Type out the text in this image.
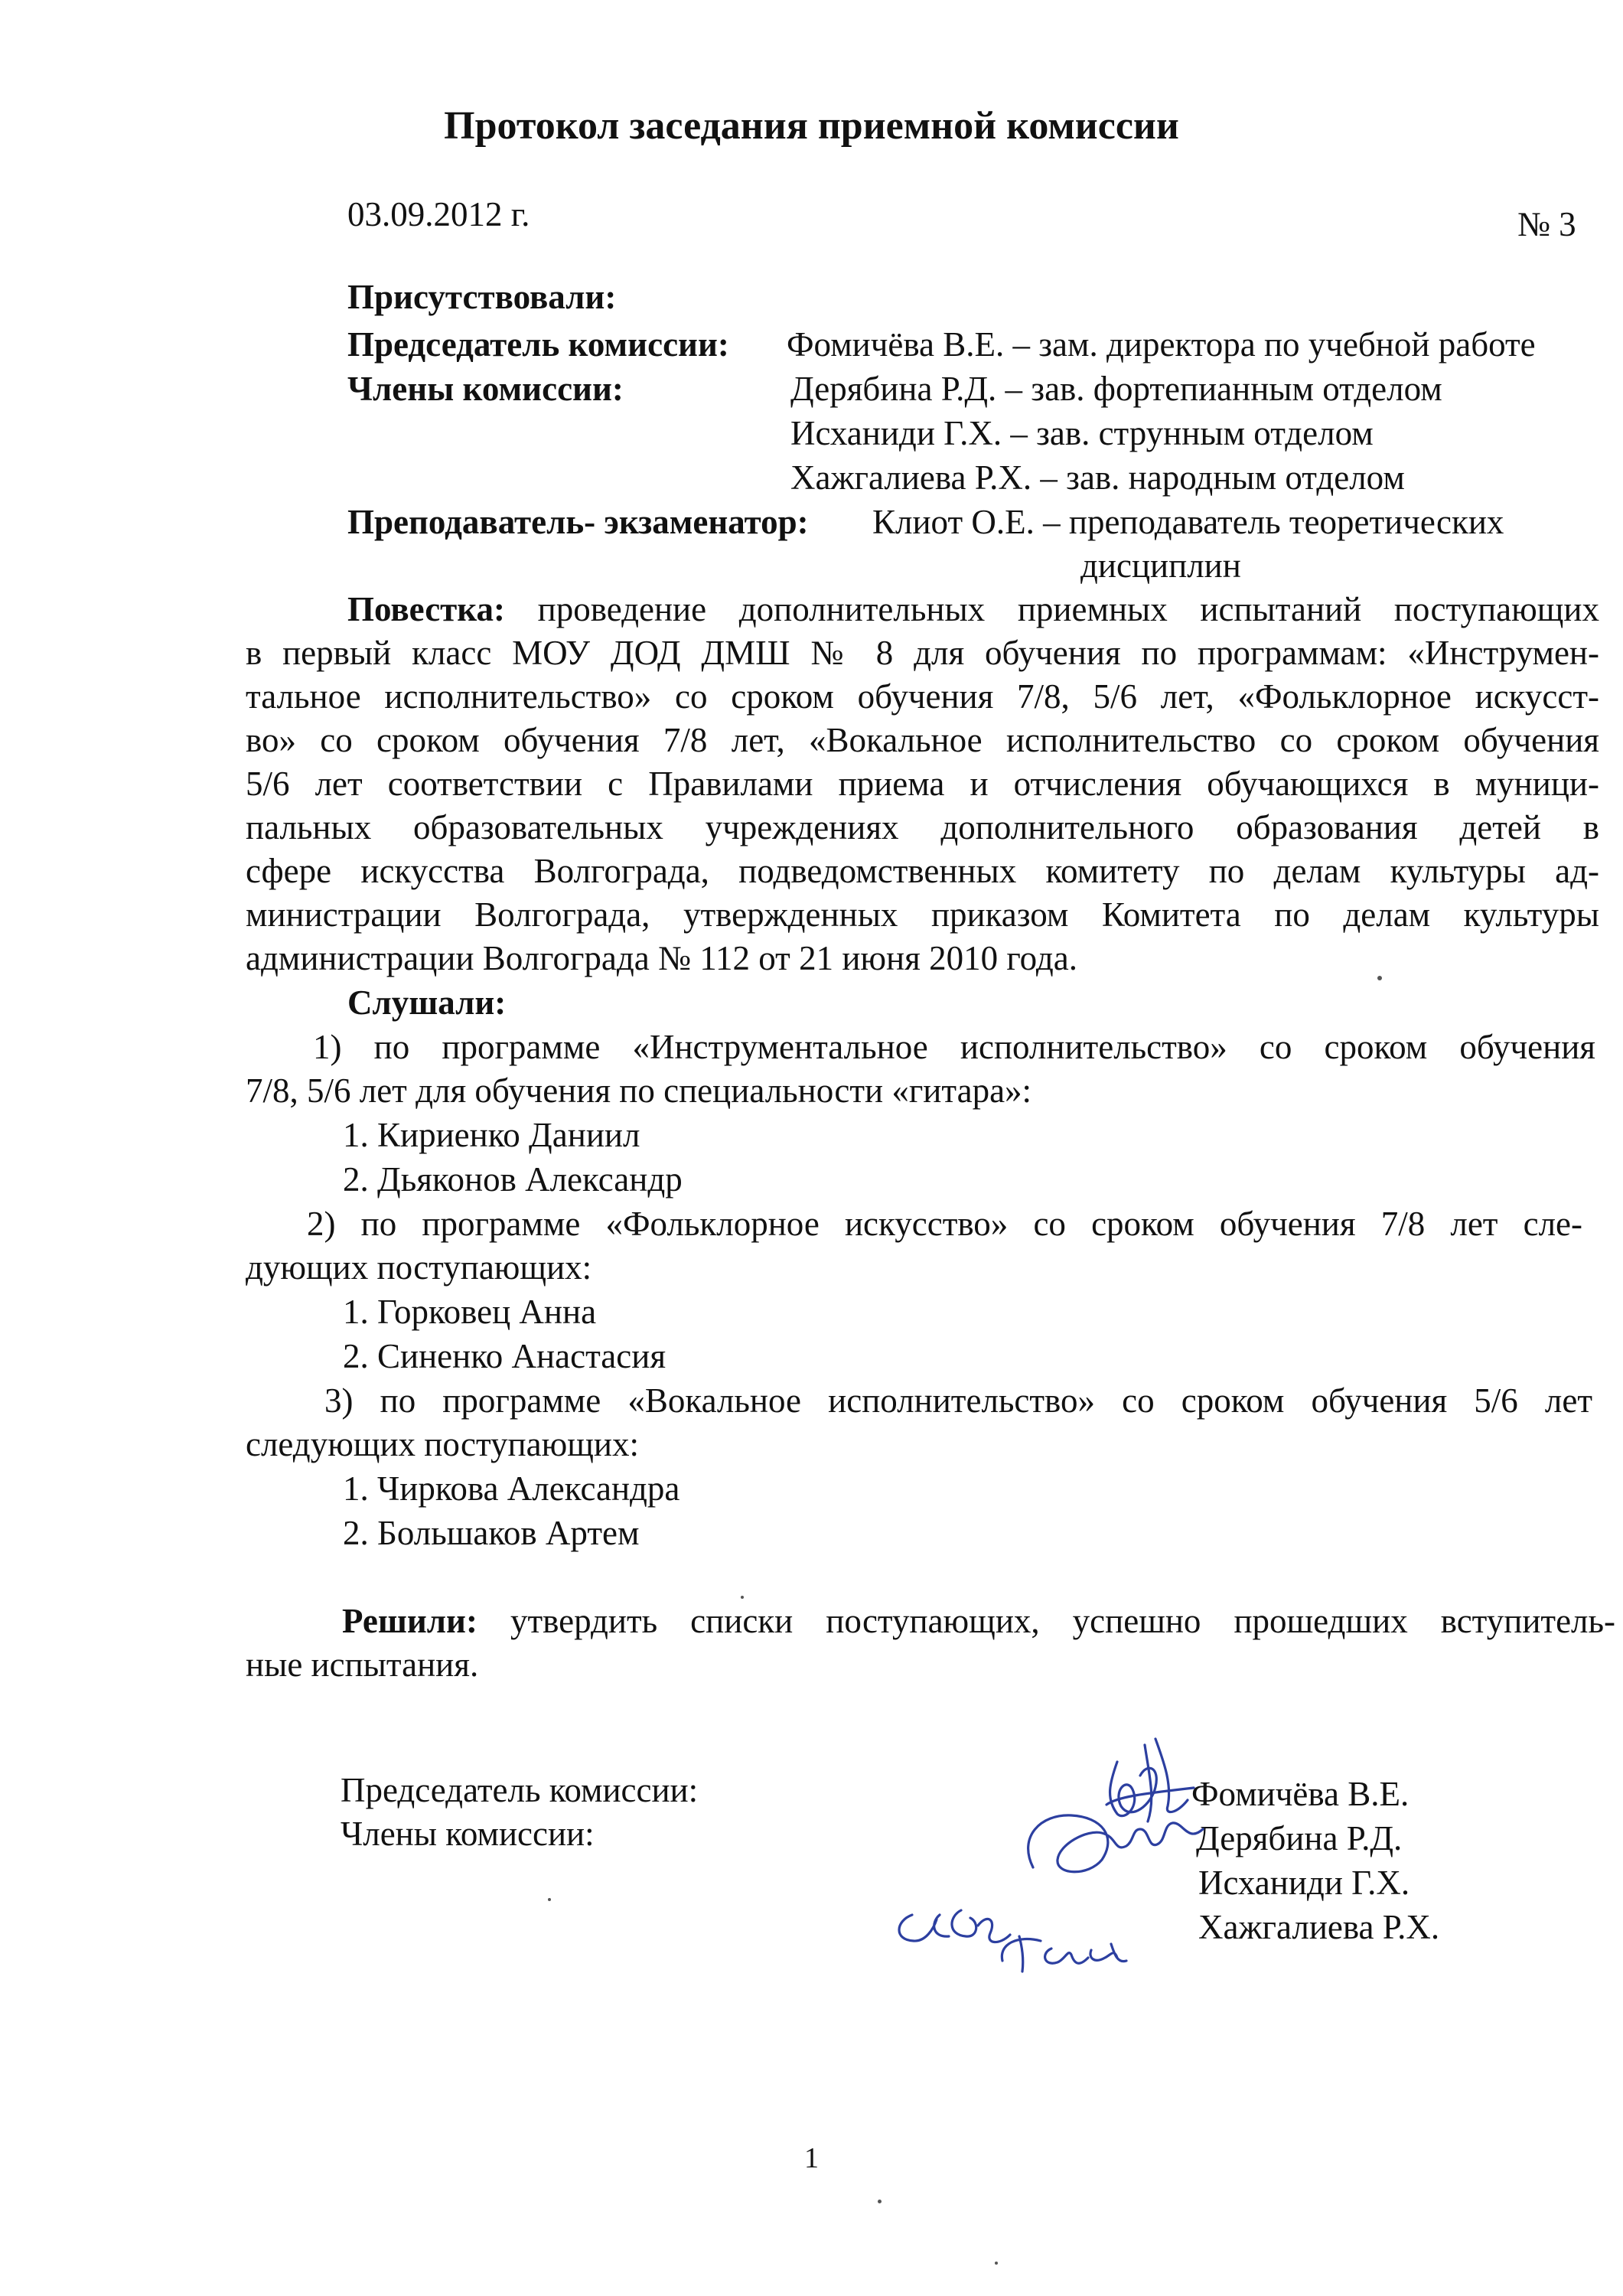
Протокол заседания приемной комиссии
03.09.2012 г.	№ 3
Присутствовали:
Председатель комиссии: Фомичёва В.Е. – зам. директора по учебной работе
Члены комиссии:	Дерябина Р.Д. – зав. фортепианным отделом
Исханиди Г.Х. – зав. струнным отделом
Хажгалиева Р.Х. – зав. народным отделом
Преподаватель- экзаменатор: Клиот О.Е. – преподаватель теоретических
дисциплин

Повестка: проведение дополнительных приемных испытаний поступающих

в первый класс МОУ ДОД ДМШ № 8 для обучения по программам: «Инструмен-

тальное исполнительство» со сроком обучения 7/8, 5/6 лет, «Фольклорное искусст-

во» со сроком обучения 7/8 лет, «Вокальное исполнительство со сроком обучения

5/6 лет соответствии с Правилами приема и отчисления обучающихся в муници-

пальных образовательных учреждениях дополнительного образования детей в

сфере искусства Волгограда, подведомственных комитету по делам культуры ад-

министрации Волгограда, утвержденных приказом Комитета по делам культуры

администрации Волгограда № 112 от 21 июня 2010 года.

Слушали:

1) по программе «Инструментальное исполнительство» со сроком обучения

7/8, 5/6 лет для обучения по специальности «гитара»:

1. Кириенко Даниил
2. Дьяконов Александр

2) по программе «Фольклорное искусство» со сроком обучения 7/8 лет сле-

дующих поступающих:

1. Горковец Анна
2. Синенко Анастасия

3) по программе «Вокальное исполнительство» со сроком обучения 5/6 лет

следующих поступающих:

1. Чиркова Александра
2. Большаков Артем

Решили: утвердить списки поступающих, успешно прошедших вступитель-

ные испытания.

Председатель комиссии:
Члены комиссии:
Фомичёва В.Е.
Дерябина Р.Д.
Исханиди Г.Х.
Хажгалиева Р.Х.
1
